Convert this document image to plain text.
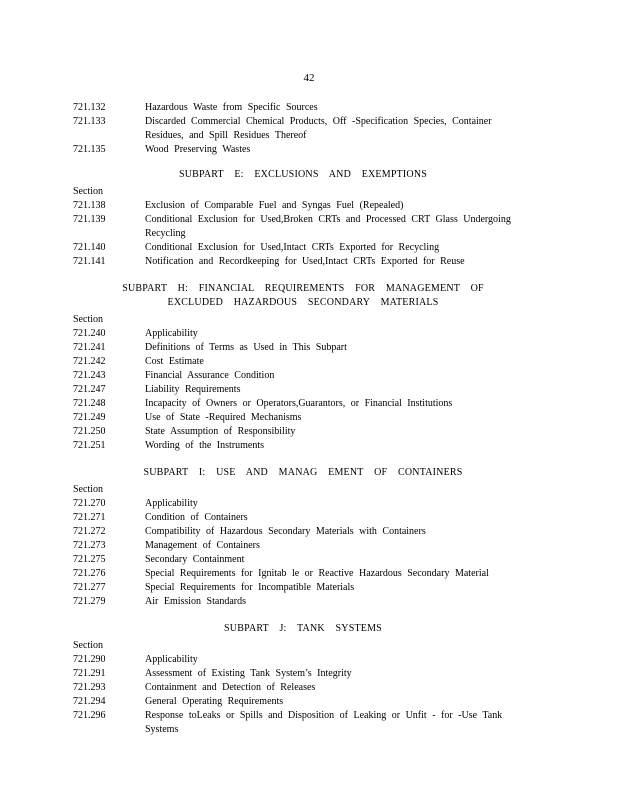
42
721.132	Hazardous Waste from Specific Sources
721.133	Discarded Commercial Chemical Products, Off -Specification Species, Container Residues, and Spill Residues Thereof
721.135	Wood Preserving Wastes
SUBPART E: EXCLUSIONS AND EXEMPTIONS
Section
721.138	Exclusion of Comparable Fuel and Syngas Fuel (Repealed)
721.139	Conditional Exclusion for Used,Broken CRTs and Processed CRT Glass Undergoing Recycling
721.140	Conditional Exclusion for Used,Intact CRTs Exported for Recycling
721.141	Notification and Recordkeeping for Used,Intact CRTs Exported for Reuse
SUBPART H: FINANCIAL REQUIREMENTS FOR MANAGEMENT OF
EXCLUDED HAZARDOUS SECONDARY MATERIALS
Section
721.240	Applicability
721.241	Definitions of Terms as Used in This Subpart
721.242	Cost Estimate
721.243	Financial Assurance Condition
721.247	Liability Requirements
721.248	Incapacity of Owners or Operators,Guarantors, or Financial Institutions
721.249	Use of State -Required Mechanisms
721.250	State Assumption of Responsibility
721.251	Wording of the Instruments
SUBPART I: USE AND MANAG EMENT OF CONTAINERS
Section
721.270	Applicability
721.271	Condition of Containers
721.272	Compatibility of Hazardous Secondary Materials with Containers
721.273	Management of Containers
721.275	Secondary Containment
721.276	Special Requirements for Ignitab le or Reactive Hazardous Secondary Material
721.277	Special Requirements for Incompatible Materials
721.279	Air Emission Standards
SUBPART J: TANK SYSTEMS
Section
721.290	Applicability
721.291	Assessment of Existing Tank System’s Integrity
721.293	Containment and Detection of Releases
721.294	General Operating Requirements
721.296	Response toLeaks or Spills and Disposition of Leaking or Unfit - for -Use Tank Systems
